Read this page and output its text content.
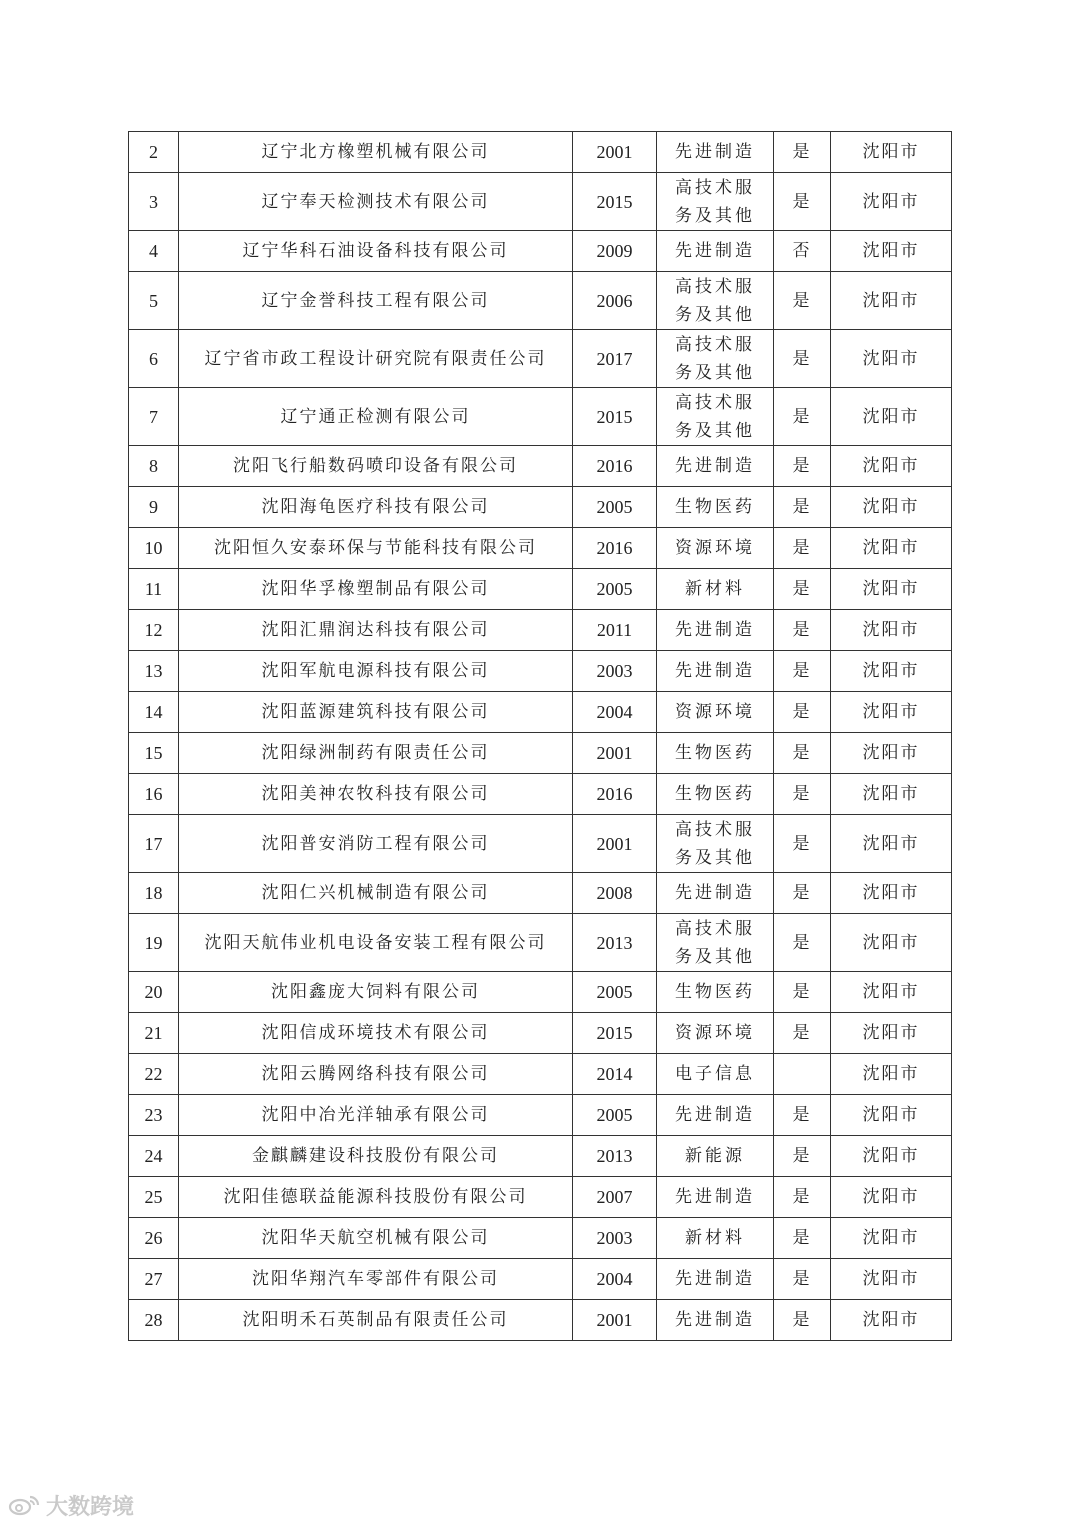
2	辽宁北方橡塑机械有限公司	2001	先进制造	是	沈阳市
3	辽宁奉天检测技术有限公司	2015	高技术服务及其他	是	沈阳市
4	辽宁华科石油设备科技有限公司	2009	先进制造	否	沈阳市
5	辽宁金誉科技工程有限公司	2006	高技术服务及其他	是	沈阳市
6	辽宁省市政工程设计研究院有限责任公司	2017	高技术服务及其他	是	沈阳市
7	辽宁通正检测有限公司	2015	高技术服务及其他	是	沈阳市
8	沈阳飞行船数码喷印设备有限公司	2016	先进制造	是	沈阳市
9	沈阳海龟医疗科技有限公司	2005	生物医药	是	沈阳市
10	沈阳恒久安泰环保与节能科技有限公司	2016	资源环境	是	沈阳市
11	沈阳华孚橡塑制品有限公司	2005	新材料	是	沈阳市
12	沈阳汇鼎润达科技有限公司	2011	先进制造	是	沈阳市
13	沈阳军航电源科技有限公司	2003	先进制造	是	沈阳市
14	沈阳蓝源建筑科技有限公司	2004	资源环境	是	沈阳市
15	沈阳绿洲制药有限责任公司	2001	生物医药	是	沈阳市
16	沈阳美神农牧科技有限公司	2016	生物医药	是	沈阳市
17	沈阳普安消防工程有限公司	2001	高技术服务及其他	是	沈阳市
18	沈阳仁兴机械制造有限公司	2008	先进制造	是	沈阳市
19	沈阳天航伟业机电设备安装工程有限公司	2013	高技术服务及其他	是	沈阳市
20	沈阳鑫庞大饲料有限公司	2005	生物医药	是	沈阳市
21	沈阳信成环境技术有限公司	2015	资源环境	是	沈阳市
22	沈阳云腾网络科技有限公司	2014	电子信息		沈阳市
23	沈阳中冶光洋轴承有限公司	2005	先进制造	是	沈阳市
24	金麒麟建设科技股份有限公司	2013	新能源	是	沈阳市
25	沈阳佳德联益能源科技股份有限公司	2007	先进制造	是	沈阳市
26	沈阳华天航空机械有限公司	2003	新材料	是	沈阳市
27	沈阳华翔汽车零部件有限公司	2004	先进制造	是	沈阳市
28	沈阳明禾石英制品有限责任公司	2001	先进制造	是	沈阳市
大数跨境
